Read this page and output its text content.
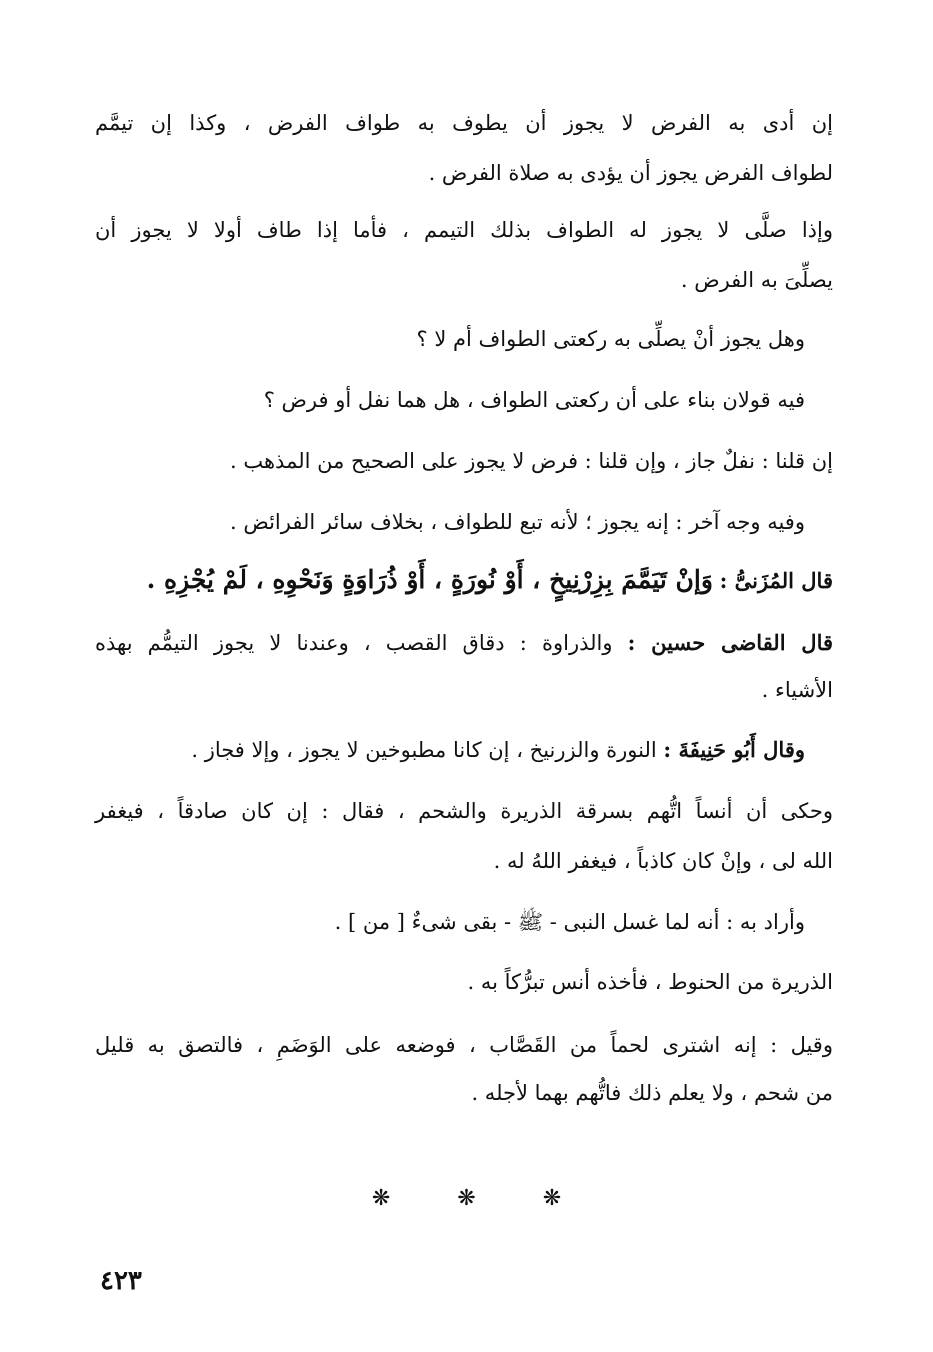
إن أدى به الفرض لا يجوز أن يطوف به طواف الفرض ، وكذا إن تيمَّم
لطواف الفرض يجوز أن يؤدى به صلاة الفرض .
وإذا صلَّى لا يجوز له الطواف بذلك التيمم ، فأما إذا طاف أولا لا يجوز أن
يصلِّىَ به الفرض .
وهل يجوز أنْ يصلِّى به ركعتى الطواف أم لا ؟
فيه قولان بناء على أن ركعتى الطواف ، هل هما نفل أو فرض ؟
إن قلنا : نفلٌ جاز ، وإن قلنا : فرض لا يجوز على الصحيح من المذهب .
وفيه وجه آخر : إنه يجوز ؛ لأنه تبع للطواف ، بخلاف سائر الفرائض .
قال المُزَنىُّ : وَإنْ تَيَمَّمَ بِزِرْنِيخٍ ، أَوْ نُورَةٍ ، أَوْ ذُرَاوَةٍ وَنَحْوِهِ ، لَمْ يُجْزِهِ .
قال القاضى حسين : والذراوة : دقاق القصب ، وعندنا لا يجوز التيمُّم بهذه
الأشياء .
وقال أَبُو حَنِيفَةَ : النورة والزرنيخ ، إن كانا مطبوخين لا يجوز ، وإلا فجاز .
وحكى أن أنساً اتُّهم بسرقة الذريرة والشحم ، فقال : إن كان صادقاً ، فيغفر
الله لى ، وإنْ كان كاذباً ، فيغفر اللهُ له .
وأراد به : أنه لما غسل النبى - ﷺ - بقى شىءٌ [ من ] .
الذريرة من الحنوط ، فأخذه أنس تبرُّكاً به .
وقيل : إنه اشترى لحماً من القَصَّاب ، فوضعه على الوَضَمِ ، فالتصق به قليل
من شحم ، ولا يعلم ذلك فاتُّهم بهما لأجله .
❋	❋	❋
٤٢٣
